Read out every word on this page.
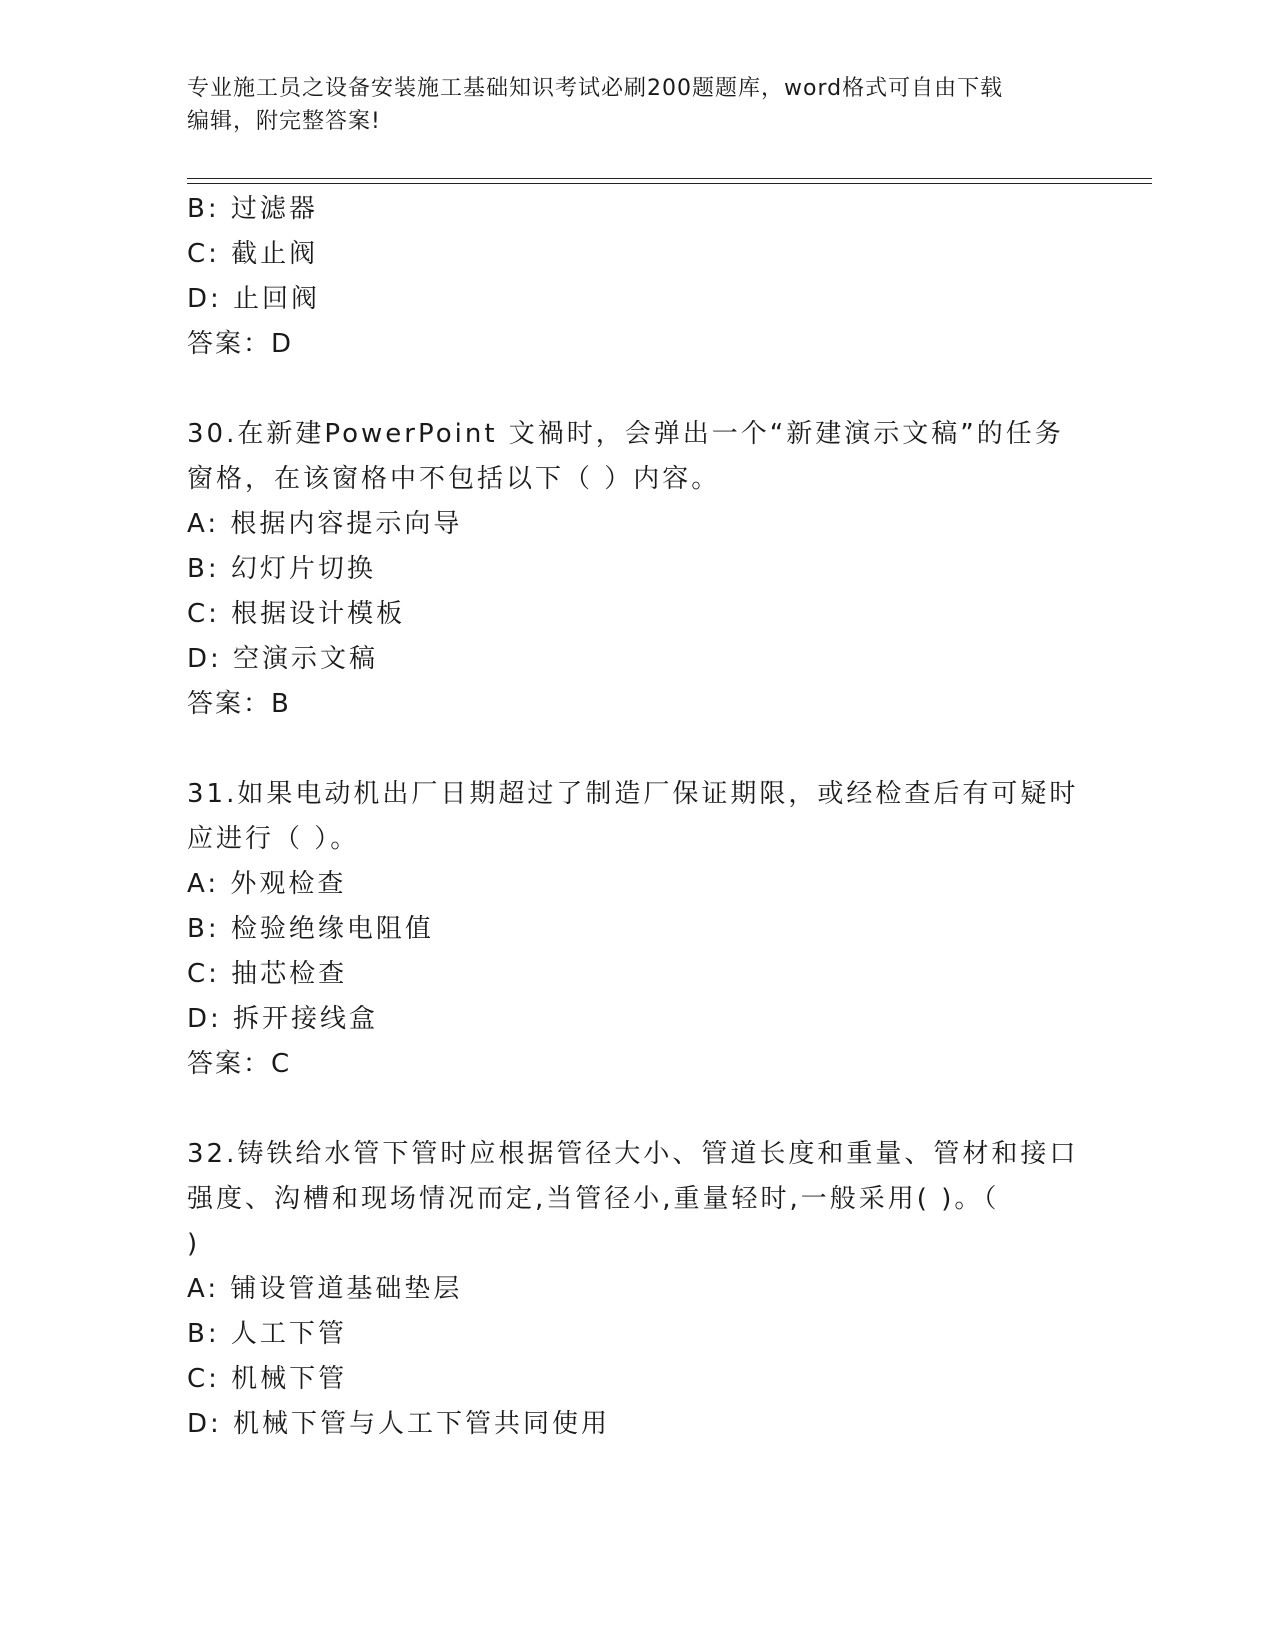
专业施工员之设备安装施工基础知识考试必刷200题题库，word格式可自由下载
编辑，附完整答案!
B: 过滤器
C: 截止阀
D: 止回阀
答案：D
30.在新建PowerPoint 文禍时，会弹出一个“新建演示文稿”的任务
窗格，在该窗格中不包括以下（ ）内容。
A: 根据内容提示向导
B: 幻灯片切换
C: 根据设计模板
D: 空演示文稿
答案：B
31.如果电动机出厂日期超过了制造厂保证期限，或经检查后有可疑时
应进行（ ）。
A: 外观检查
B: 检验绝缘电阻值
C: 抽芯检查
D: 拆开接线盒
答案：C
32.铸铁给水管下管时应根据管径大小、管道长度和重量、管材和接口
强度、沟槽和现场情况而定,当管径小,重量轻时,一般采用( )。（
)
A: 铺设管道基础垫层
B: 人工下管
C: 机械下管
D: 机械下管与人工下管共同使用
